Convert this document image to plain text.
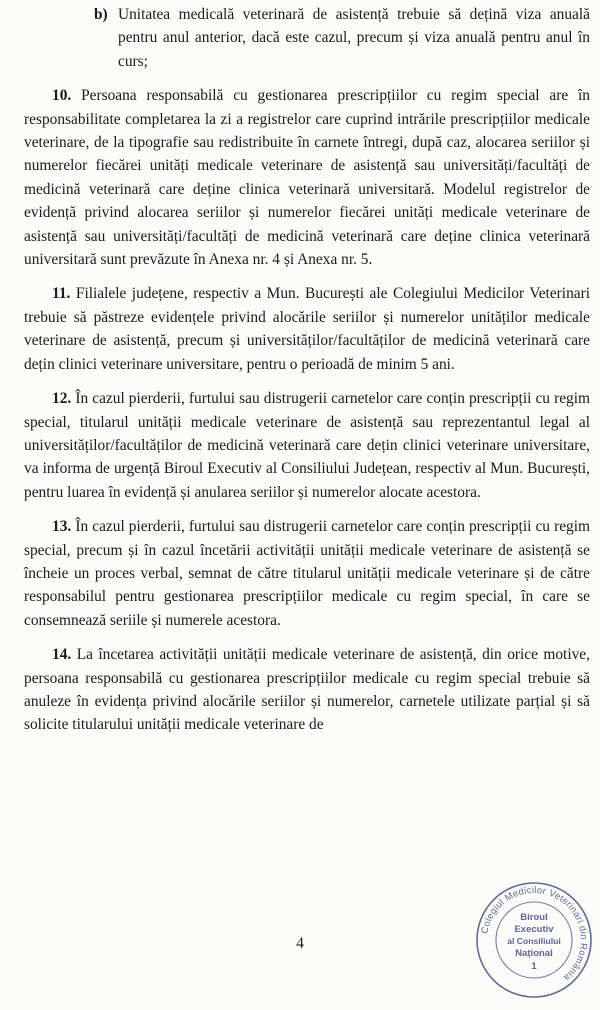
b) Unitatea medicală veterinară de asistență trebuie să dețină viza anuală pentru anul anterior, dacă este cazul, precum și viza anuală pentru anul în curs;

10. Persoana responsabilă cu gestionarea prescripțiilor cu regim special are în responsabilitate completarea la zi a registrelor care cuprind intrările prescripțiilor medicale veterinare, de la tipografie sau redistribuite în carnete întregi, după caz, alocarea seriilor și numerelor fiecărei unități medicale veterinare de asistență sau universități/facultăți de medicină veterinară care deține clinica veterinară universitară. Modelul registrelor de evidență privind alocarea seriilor și numerelor fiecărei unități medicale veterinare de asistență sau universități/facultăți de medicină veterinară care deține clinica veterinară universitară sunt prevăzute în Anexa nr. 4 și Anexa nr. 5.

11. Filialele județene, respectiv a Mun. București ale Colegiului Medicilor Veterinari trebuie să păstreze evidențele privind alocările seriilor și numerelor unităților medicale veterinare de asistență, precum și universităților/facultăților de medicină veterinară care dețin clinici veterinare universitare, pentru o perioadă de minim 5 ani.

12. În cazul pierderii, furtului sau distrugerii carnetelor care conțin prescripții cu regim special, titularul unității medicale veterinare de asistență sau reprezentantul legal al universităților/facultăților de medicină veterinară care dețin clinici veterinare universitare, va informa de urgență Biroul Executiv al Consiliului Județean, respectiv al Mun. București, pentru luarea în evidență și anularea seriilor și numerelor alocate acestora.

13. În cazul pierderii, furtului sau distrugerii carnetelor care conțin prescripții cu regim special, precum și în cazul încetării activității unității medicale veterinare de asistență se încheie un proces verbal, semnat de către titularul unității medicale veterinare și de către responsabilul pentru gestionarea prescripțiilor medicale cu regim special, în care se consemnează seriile și numerele acestora.

14. La încetarea activității unității medicale veterinare de asistență, din orice motive, persoana responsabilă cu gestionarea prescripțiilor medicale cu regim special trebuie să anuleze în evidența privind alocările seriilor și numerelor, carnetele utilizate parțial și să solicite titularului unității medicale veterinare de

4
Colegiul Medicilor Veterinari din România
Biroul
Executiv
al Consiliului
Național
1
